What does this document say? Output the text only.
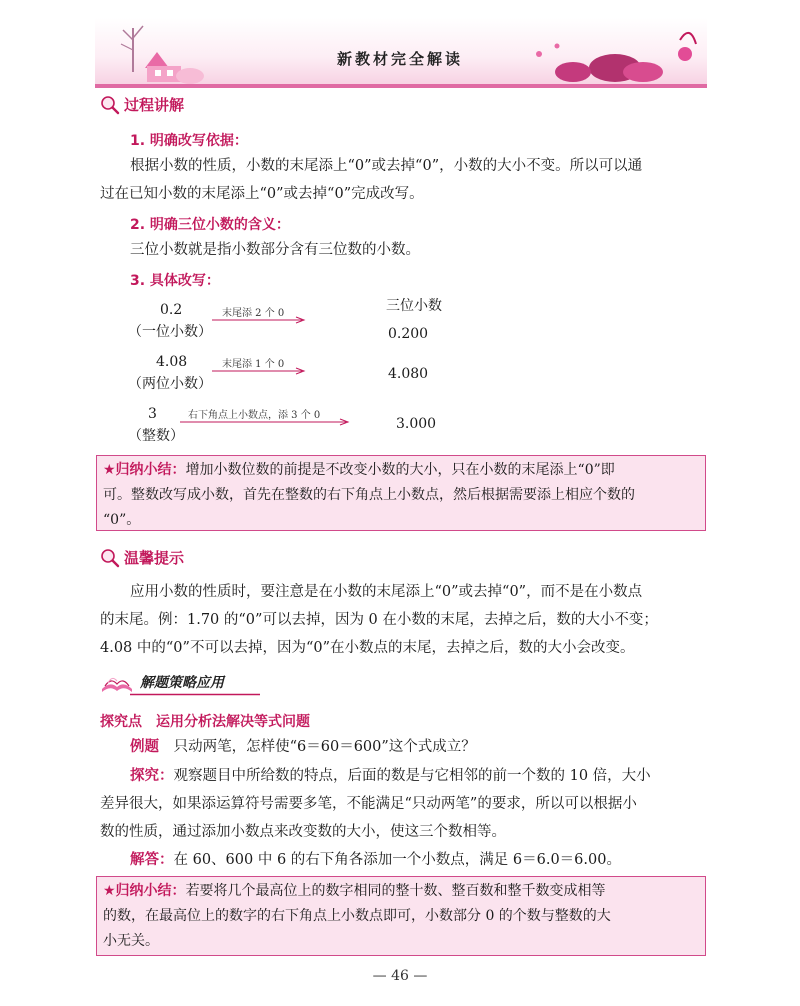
新教材完全解读
过程讲解
1. 明确改写依据：
根据小数的性质，小数的末尾添上“0”或去掉“0”，小数的大小不变。所以可以通
过在已知小数的末尾添上“0”或去掉“0”完成改写。
2. 明确三位小数的含义：
三位小数就是指小数部分含有三位数的小数。
3. 具体改写：
三位小数
0.2
（一位小数）
末尾添 2 个 0
0.200
4.08
（两位小数）
末尾添 1 个 0
4.080
3
（整数）
右下角点上小数点，添 3 个 0
3.000
★归纳小结：增加小数位数的前提是不改变小数的大小，只在小数的末尾添上“0”即
可。整数改写成小数，首先在整数的右下角点上小数点，然后根据需要添上相应个数的
“0”。
温馨提示
应用小数的性质时，要注意是在小数的末尾添上“0”或去掉“0”，而不是在小数点
的末尾。例：1.70 的“0”可以去掉，因为 0 在小数的末尾，去掉之后，数的大小不变；
4.08 中的“0”不可以去掉，因为“0”在小数点的末尾，去掉之后，数的大小会改变。
解题策略应用
探究点　运用分析法解决等式问题
例题 只动两笔，怎样使“6＝60＝600”这个式成立？
探究：观察题目中所给数的特点，后面的数是与它相邻的前一个数的 10 倍，大小
差异很大，如果添运算符号需要多笔，不能满足“只动两笔”的要求，所以可以根据小
数的性质，通过添加小数点来改变数的大小，使这三个数相等。
解答：在 60、600 中 6 的右下角各添加一个小数点，满足 6＝6.0＝6.00。
★归纳小结：若要将几个最高位上的数字相同的整十数、整百数和整千数变成相等
的数，在最高位上的数字的右下角点上小数点即可，小数部分 0 的个数与整数的大
小无关。
— 46 —
